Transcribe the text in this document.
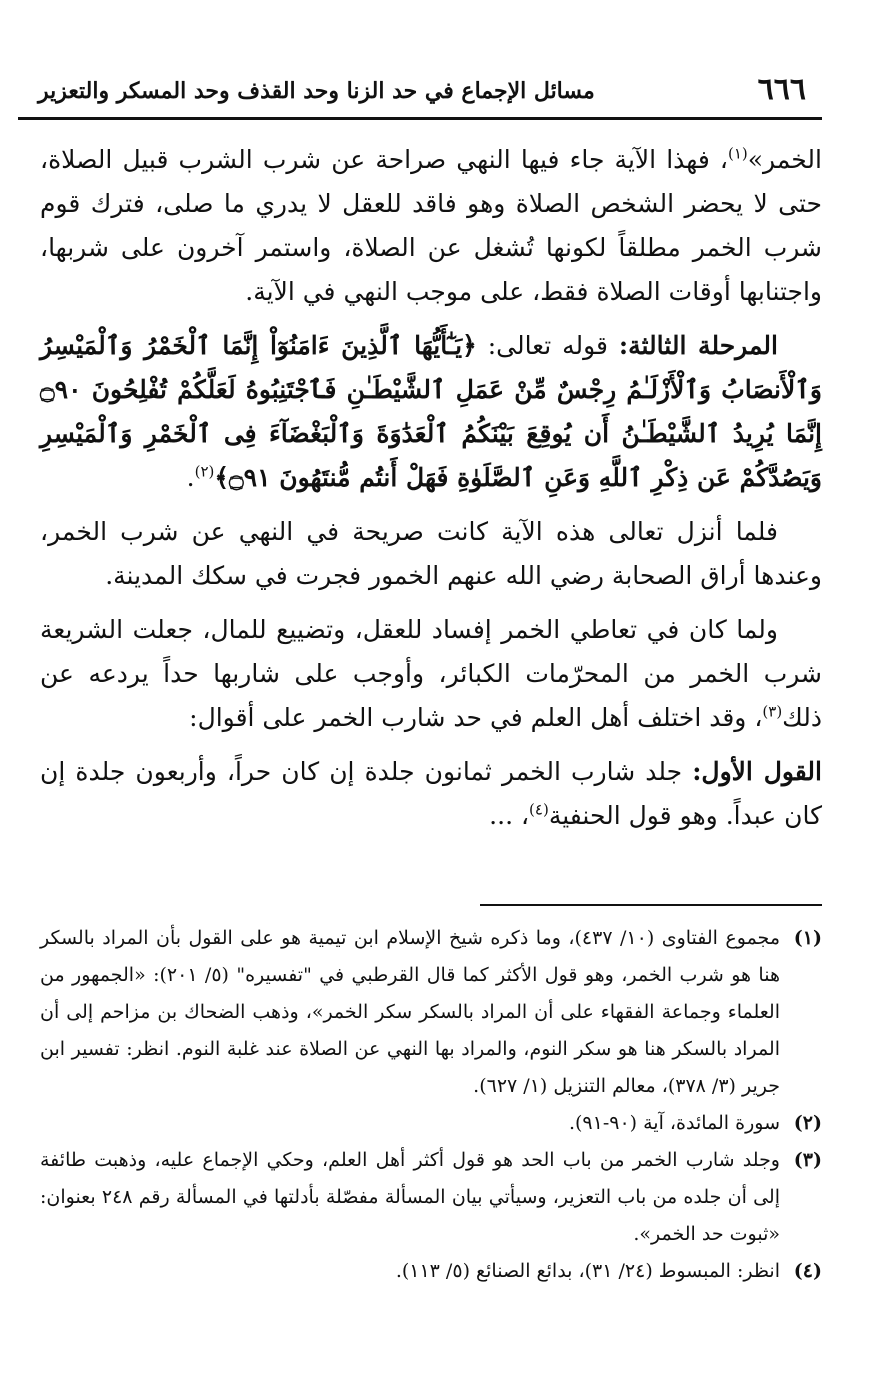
٦٦٦
مسائل الإجماع في حد الزنا وحد القذف وحد المسكر والتعزير

الخمر»$^{(١)}$، فهذا الآية جاء فيها النهي صراحة عن شرب الشرب قبيل الصلاة، حتى لا يحضر الشخص الصلاة وهو فاقد للعقل لا يدري ما صلى، فترك قوم شرب الخمر مطلقاً لكونها تُشغل عن الصلاة، واستمر آخرون على شربها، واجتنابها أوقات الصلاة فقط، على موجب النهي في الآية.

المرحلة الثالثة: قوله تعالى: ﴿يَـٰٓأَيُّهَا ٱلَّذِينَ ءَامَنُوٓاْ إِنَّمَا ٱلْخَمْرُ وَٱلْمَيْسِرُ وَٱلْأَنصَابُ وَٱلْأَزْلَـٰمُ رِجْسٌ مِّنْ عَمَلِ ٱلشَّيْطَـٰنِ فَٱجْتَنِبُوهُ لَعَلَّكُمْ تُفْلِحُونَ ۝٩٠ إِنَّمَا يُرِيدُ ٱلشَّيْطَـٰنُ أَن يُوقِعَ بَيْنَكُمُ ٱلْعَدَٰوَةَ وَٱلْبَغْضَآءَ فِى ٱلْخَمْرِ وَٱلْمَيْسِرِ وَيَصُدَّكُمْ عَن ذِكْرِ ٱللَّهِ وَعَنِ ٱلصَّلَوٰةِ فَهَلْ أَنتُم مُّنتَهُونَ ۝٩١﴾$^{(٢)}$.

فلما أنزل تعالى هذه الآية كانت صريحة في النهي عن شرب الخمر، وعندها أراق الصحابة رضي الله عنهم الخمور فجرت في سكك المدينة.

ولما كان في تعاطي الخمر إفساد للعقل، وتضييع للمال، جعلت الشريعة شرب الخمر من المحرّمات الكبائر، وأوجب على شاربها حداً يردعه عن ذلك$^{(٣)}$، وقد اختلف أهل العلم في حد شارب الخمر على أقوال:

القول الأول: جلد شارب الخمر ثمانون جلدة إن كان حراً، وأربعون جلدة إن كان عبداً. وهو قول الحنفية$^{(٤)}$، ...

(١)
مجموع الفتاوى (١٠/ ٤٣٧)، وما ذكره شيخ الإسلام ابن تيمية هو على القول بأن المراد بالسكر هنا هو شرب الخمر، وهو قول الأكثر كما قال القرطبي في "تفسيره" (٥/ ٢٠١): «الجمهور من العلماء وجماعة الفقهاء على أن المراد بالسكر سكر الخمر»، وذهب الضحاك بن مزاحم إلى أن المراد بالسكر هنا هو سكر النوم، والمراد بها النهي عن الصلاة عند غلبة النوم. انظر: تفسير ابن جرير (٣/ ٣٧٨)، معالم التنزيل (١/ ٦٢٧).
(٢)
سورة المائدة، آية (٩٠-٩١).
(٣)
وجلد شارب الخمر من باب الحد هو قول أكثر أهل العلم، وحكي الإجماع عليه، وذهبت طائفة إلى أن جلده من باب التعزير، وسيأتي بيان المسألة مفصّلة بأدلتها في المسألة رقم ٢٤٨ بعنوان: «ثبوت حد الخمر».
(٤)
انظر: المبسوط (٢٤/ ٣١)، بدائع الصنائع (٥/ ١١٣).
